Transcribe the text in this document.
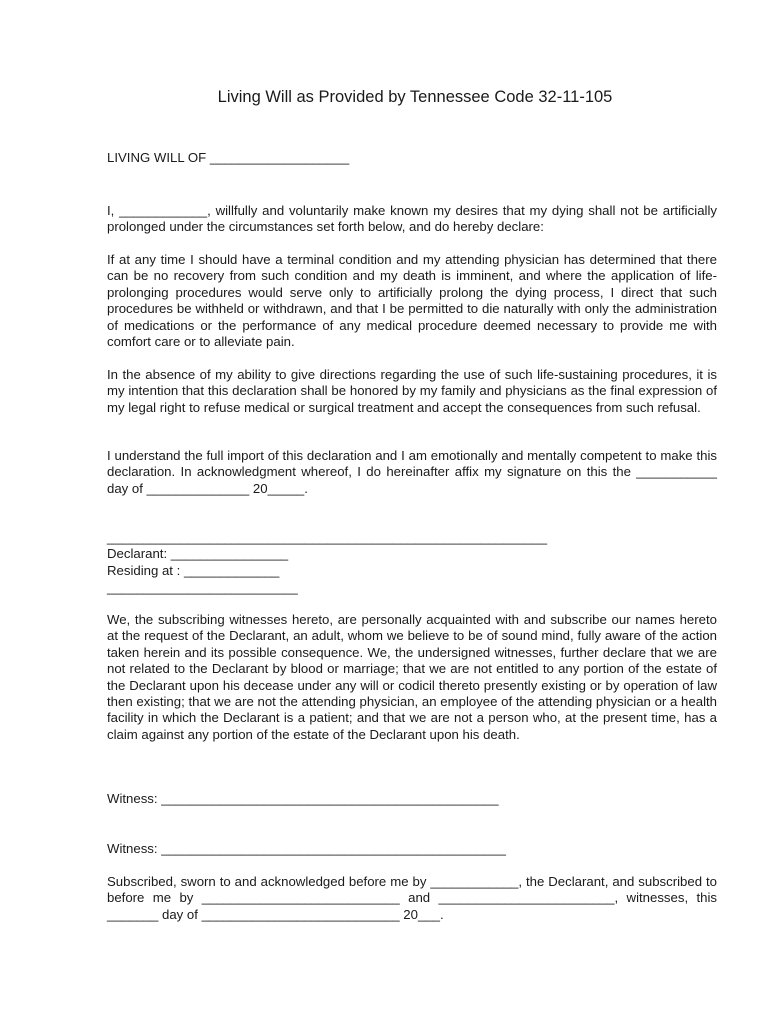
Living Will as Provided by Tennessee Code 32-11-105
LIVING WILL OF ___________________

I, ____________, willfully and voluntarily make known my desires that my dying shall not be artificially prolonged under the circumstances set forth below, and do hereby declare:

If at any time I should have a terminal condition and my attending physician has determined that there can be no recovery from such condition and my death is imminent, and where the application of life-prolonging procedures would serve only to artificially prolong the dying process, I direct that such procedures be withheld or withdrawn, and that I be permitted to die naturally with only the administration of medications or the performance of any medical procedure deemed necessary to provide me with comfort care or to alleviate pain.

In the absence of my ability to give directions regarding the use of such life-sustaining procedures, it is my intention that this declaration shall be honored by my family and physicians as the final expression of my legal right to refuse medical or surgical treatment and accept the consequences from such refusal.

I understand the full import of this declaration and I am emotionally and mentally competent to make this declaration. In acknowledgment whereof, I do hereinafter affix my signature on this the ___________ day of ______________ 20_____.

____________________________________________________________
Declarant: ________________
Residing at : _____________
__________________________

We, the subscribing witnesses hereto, are personally acquainted with and subscribe our names hereto at the request of the Declarant, an adult, whom we believe to be of sound mind, fully aware of the action taken herein and its possible consequence. We, the undersigned witnesses, further declare that we are not related to the Declarant by blood or marriage; that we are not entitled to any portion of the estate of the Declarant upon his decease under any will or codicil thereto presently existing or by operation of law then existing; that we are not the attending physician, an employee of the attending physician or a health facility in which the Declarant is a patient; and that we are not a person who, at the present time, has a claim against any portion of the estate of the Declarant upon his death.

Witness: ______________________________________________
Witness: _______________________________________________

Subscribed, sworn to and acknowledged before me by ____________, the Declarant, and subscribed to before me by ___________________________ and ________________________, witnesses, this _______ day of ___________________________ 20___.
